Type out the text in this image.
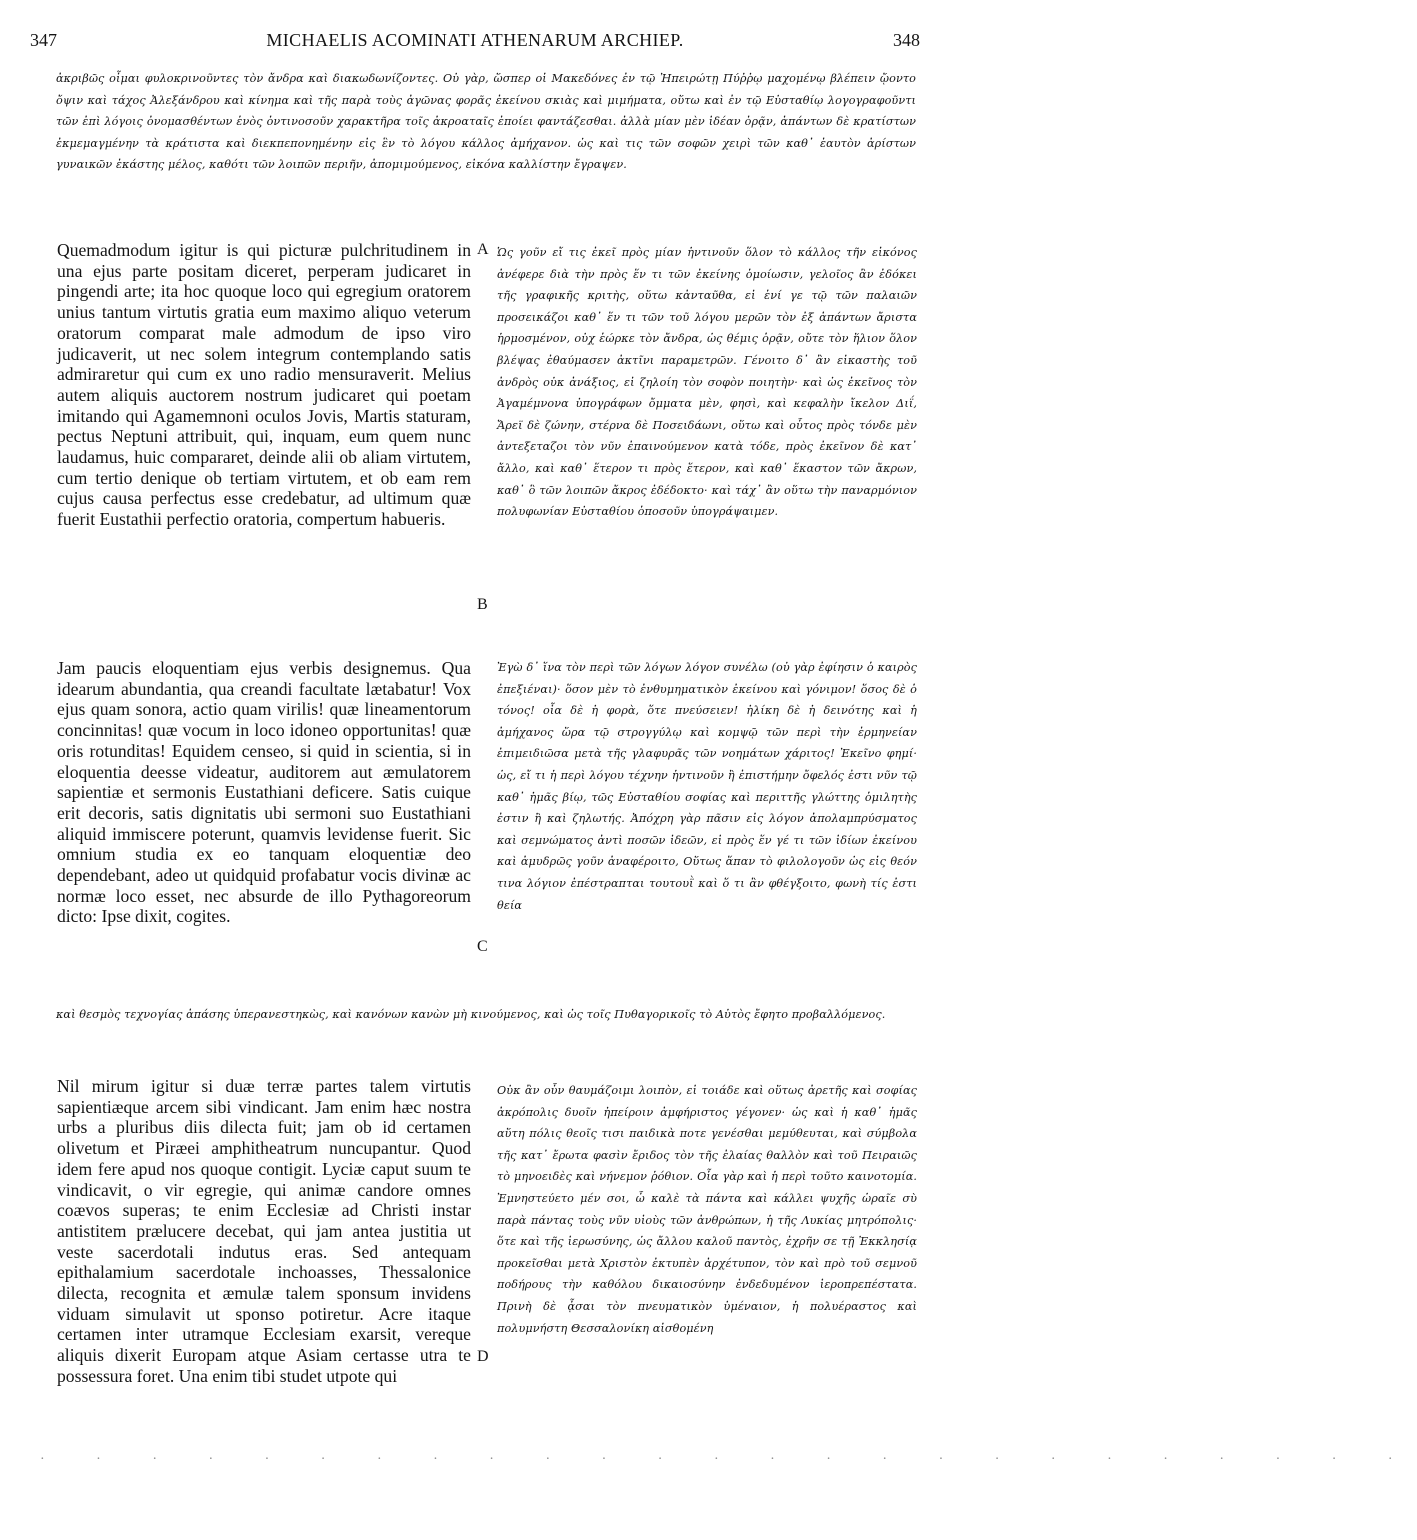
347	MICHAELIS ACOMINATI ATHENARUM ARCHIEP.	348
ἀκριβῶς οἶμαι φυλοκρινοῦντες τὸν ἄνδρα καὶ διακωδωνίζοντες. Οὐ γὰρ, ὥσπερ οἱ Μακεδόνες ἐν τῷ Ἠπειρώτῃ Πύῤῥῳ μαχομένῳ βλέπειν ᾤοντο ὄψιν καὶ τάχος Ἀλεξάνδρου καὶ κίνημα καὶ τῆς παρὰ τοὺς ἀγῶνας φορᾶς ἐκείνου σκιὰς καὶ μιμήματα, οὕτω καὶ ἐν τῷ Εὐσταθίῳ λογογραφοῦντι τῶν ἐπὶ λόγοις ὀνομασθέντων ἑνὸς ὁντινοσοῦν χαρακτῆρα τοῖς ἀκροαταῖς ἐποίει φαντάζεσθαι. ἀλλὰ μίαν μὲν ἰδέαν ὁρᾷν, ἁπάντων δὲ κρατίστων ἐκμεμαγμένην τὰ κράτιστα καὶ διεκπεπονημένην εἰς ἓν τὸ λόγου κάλλος ἀμήχανον. ὡς καὶ τις τῶν σοφῶν χειρὶ τῶν καθ᾽ ἑαυτὸν ἀρίστων γυναικῶν ἑκάστης μέλος, καθότι τῶν λοιπῶν περιῆν, ἀπομιμούμενος, εἰκόνα καλλίστην ἔγραψεν.
Quemadmodum igitur is qui picturæ pulchritudinem in una ejus parte positam diceret, perperam judicaret in pingendi arte; ita hoc quoque loco qui egregium oratorem unius tantum virtutis gratia eum maximo aliquo veterum oratorum comparat male admodum de ipso viro judicaverit, ut nec solem integrum contemplando satis admiraretur qui cum ex uno radio mensuraverit. Melius autem aliquis auctorem nostrum judicaret qui poetam imitando qui Agamemnoni oculos Jovis, Martis staturam, pectus Neptuni attribuit, qui, inquam, eum quem nunc laudamus, huic compararet, deinde alii ob aliam virtutem, cum tertio denique ob tertiam virtutem, et ob eam rem cujus causa perfectus esse credebatur, ad ultimum quæ fuerit Eustathii perfectio oratoria, compertum habueris.
A Ὡς γοῦν εἴ τις ἐκεῖ πρὸς μίαν ἡντινοῦν ὅλον τὸ κάλλος τῆν εἰκόνος ἀνέφερε διὰ τὴν πρὸς ἕν τι τῶν ἐκείνης ὁμοίωσιν, γελοῖος ἂν ἐδόκει τῆς γραφικῆς κριτὴς, οὕτω κἀνταῦθα, εἰ ἑνί γε τῷ τῶν παλαιῶν προσεικάζοι καθ᾽ ἕν τι τῶν τοῦ λόγου μερῶν τὸν ἐξ ἁπάντων ἄριστα ἡρμοσμένον, οὐχ ἑώρκε τὸν ἄνδρα, ὡς θέμις ὁρᾷν, οὔτε τὸν ἥλιον ὅλον βλέψας ἐθαύμασεν ἀκτῖνι παραμετρῶν. Γένοιτο δ᾽ ἂν εἰκαστὴς τοῦ ἀνδρὸς οὐκ ἀνάξιος, εἰ ζηλοίη τὸν σοφὸν ποιητὴν· καὶ ὡς ἐκεῖνος τὸν Ἀγαμέμνονα ὑπογράφων ὄμματα μὲν, φησὶ, καὶ κεφαλὴν ἴκελον Διΐ, Ἄρεϊ δὲ ζώνην, στέρνα δὲ Ποσειδάωνι, οὕτω καὶ οὗτος πρὸς τόνδε μὲν ἀντεξεταζοι τὸν νῦν ἐπαινούμενον κατὰ τόδε, πρὸς ἐκεῖνον δὲ κατ᾽ ἄλλο, καὶ καθ᾽ ἕτερον τι πρὸς ἕτερον, καὶ καθ᾽ ἕκαστον τῶν ἄκρων, καθ᾽ ὃ τῶν λοιπῶν ἄκρος ἐδέδοκτο· καὶ τάχ᾽ ἂν οὕτω τὴν παναρμόνιον πολυφωνίαν Εὐσταθίου ὁποσοῦν ὑπογράψαιμεν.
B
Jam paucis eloquentiam ejus verbis designemus. Qua idearum abundantia, qua creandi facultate lætabatur! Vox ejus quam sonora, actio quam virilis! quæ lineamentorum concinnitas! quæ vocum in loco idoneo opportunitas! quæ oris rotunditas! Equidem censeo, si quid in scientia, si in eloquentia deesse videatur, auditorem aut æmulatorem sapientiæ et sermonis Eustathiani deficere. Satis cuique erit decoris, satis dignitatis ubi sermoni suo Eustathiani aliquid immiscere poterunt, quamvis levidense fuerit. Sic omnium studia ex eo tanquam eloquentiæ deo dependebant, adeo ut quidquid profabatur vocis divinæ ac normæ loco esset, nec absurde de illo Pythagoreorum dicto: Ipse dixit, cogites.
Ἐγὼ δ᾽ ἵνα τὸν περὶ τῶν λόγων λόγον συνέλω (οὐ γὰρ ἐφίησιν ὁ καιρὸς ἐπεξιέναι)· ὅσον μὲν τὸ ἐνθυμηματικὸν ἐκείνου καὶ γόνιμον! ὅσος δὲ ὁ τόνος! οἷα δὲ ἡ φορὰ, ὅτε πνεύσειεν! ἡλίκη δὲ ἡ δεινότης καὶ ἡ ἀμήχανος ὥρα τῷ στρογγύλῳ καὶ κομψῷ τῶν περὶ τὴν ἑρμηνείαν ἐπιμειδιῶσα μετὰ τῆς γλαφυρᾶς τῶν νοημάτων χάριτος! Ἐκεῖνο φημί· ὡς, εἴ τι ἡ περὶ λόγου τέχνην ἡντινοῦν ἢ ἐπιστήμην ὄφελός ἐστι νῦν τῷ καθ᾽ ἡμᾶς βίῳ, τῶς Εὐσταθίου σοφίας καὶ περιττῆς γλώττης ὁμιλητὴς ἐστιν ἢ καὶ ζηλωτής. Ἀπόχρη γὰρ πᾶσιν εἰς λόγον ἀπολαμπρύσματος καὶ σεμνώματος ἀντὶ ποσῶν ἰδεῶν, εἰ πρὸς ἕν γέ τι τῶν ἰδίων ἐκείνου καὶ ἀμυδρῶς γοῦν ἀναφέροιτο, Οὕτως ἅπαν τὸ φιλολογοῦν ὡς εἰς θεόν τινα λόγιον ἐπέστραπται τουτουῒ καὶ ὅ τι ἂν φθέγξοιτο, φωνὴ τίς ἐστι θεία
C
καὶ θεσμὸς τεχνογίας ἁπάσης ὑπερανεστηκὼς, καὶ κανόνων κανὼν μὴ κινούμενος, καὶ ὡς τοῖς Πυθαγορικοῖς τὸ Αὐτὸς ἔφητο προβαλλόμενος.
Nil mirum igitur si duæ terræ partes talem virtutis sapientiæque arcem sibi vindicant. Jam enim hæc nostra urbs a pluribus diis dilecta fuit; jam ob id certamen olivetum et Piræei amphitheatrum nuncupantur. Quod idem fere apud nos quoque contigit. Lyciæ caput suum te vindicavit, o vir egregie, qui animæ candore omnes coævos superas; te enim Ecclesiæ ad Christi instar antistitem prælucere decebat, qui jam antea justitia ut veste sacerdotali indutus eras. Sed antequam epithalamium sacerdotale inchoasses, Thessalonice dilecta, recognita et æmulæ talem sponsum invidens viduam simulavit ut sponso potiretur. Acre itaque certamen inter utramque Ecclesiam exarsit, vereque aliquis dixerit Europam atque Asiam certasse utra te possessura foret. Una enim tibi studet utpote qui
Οὐκ ἂν οὖν θαυμάζοιμι λοιπὸν, εἰ τοιάδε καὶ οὕτως ἀρετῆς καὶ σοφίας ἀκρόπολις δυοῖν ἠπείροιν ἀμφήριστος γέγονεν· ὡς καὶ ἡ καθ᾽ ἡμᾶς αὕτη πόλις θεοῖς τισι παιδικὰ ποτε γενέσθαι μεμύθευται, καὶ σύμβολα τῆς κατ᾽ ἔρωτα φασὶν ἔριδος τὸν τῆς ἐλαίας θαλλὸν καὶ τοῦ Πειραιῶς τὸ μηνοειδὲς καὶ νήνεμον ῥόθιον. Οἷα γὰρ καὶ ἡ περὶ τοῦτο καινοτομία. Ἐμνηστεύετο μέν σοι, ὦ καλὲ τὰ πάντα καὶ κάλλει ψυχῆς ὡραῖε σὺ παρὰ πάντας τοὺς νῦν υἱοὺς τῶν ἀνθρώπων, ἡ τῆς Λυκίας μητρόπολις· ὅτε καὶ τῆς ἱερωσύνης, ὡς ἄλλου καλοῦ παντὸς, ἐχρῆν σε τῇ Ἐκκλησίᾳ προκεῖσθαι μετὰ Χριστὸν ἐκτυπὲν ἀρχέτυπον, τὸν καὶ πρὸ τοῦ σεμνοῦ ποδήρους τὴν καθόλου δικαιοσύνην ἐνδεδυμένον ἱεροπρεπέστατα. Πρινὴ δὲ ᾆσαι τὸν πνευματικὸν ὑμέναιον, ἡ πολυέραστος καὶ πολυμνήστη Θεσσαλονίκη αἰσθομένη
D
· · · · · · · · · · · · · · · · · · · · · · · · ·
